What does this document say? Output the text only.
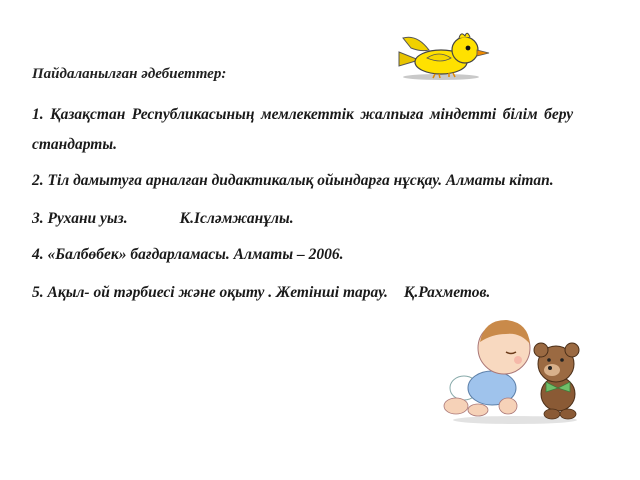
Пайдаланылған әдебиеттер:
1. Қазақстан Республикасының мемлекеттік жалпыға міндетті білім беру
стандарты.
2. Тіл дамытуға арналған дидактикалық ойындарға нұсқау. Алматы кітап.
3. Рухани уыз.	К.Ісләмжанұлы.
4. «Балбөбек» бағдарламасы. Алматы – 2006.
5. Ақыл- ой тәрбиесі және оқыту . Жетінші тарау. Қ.Рахметов.
